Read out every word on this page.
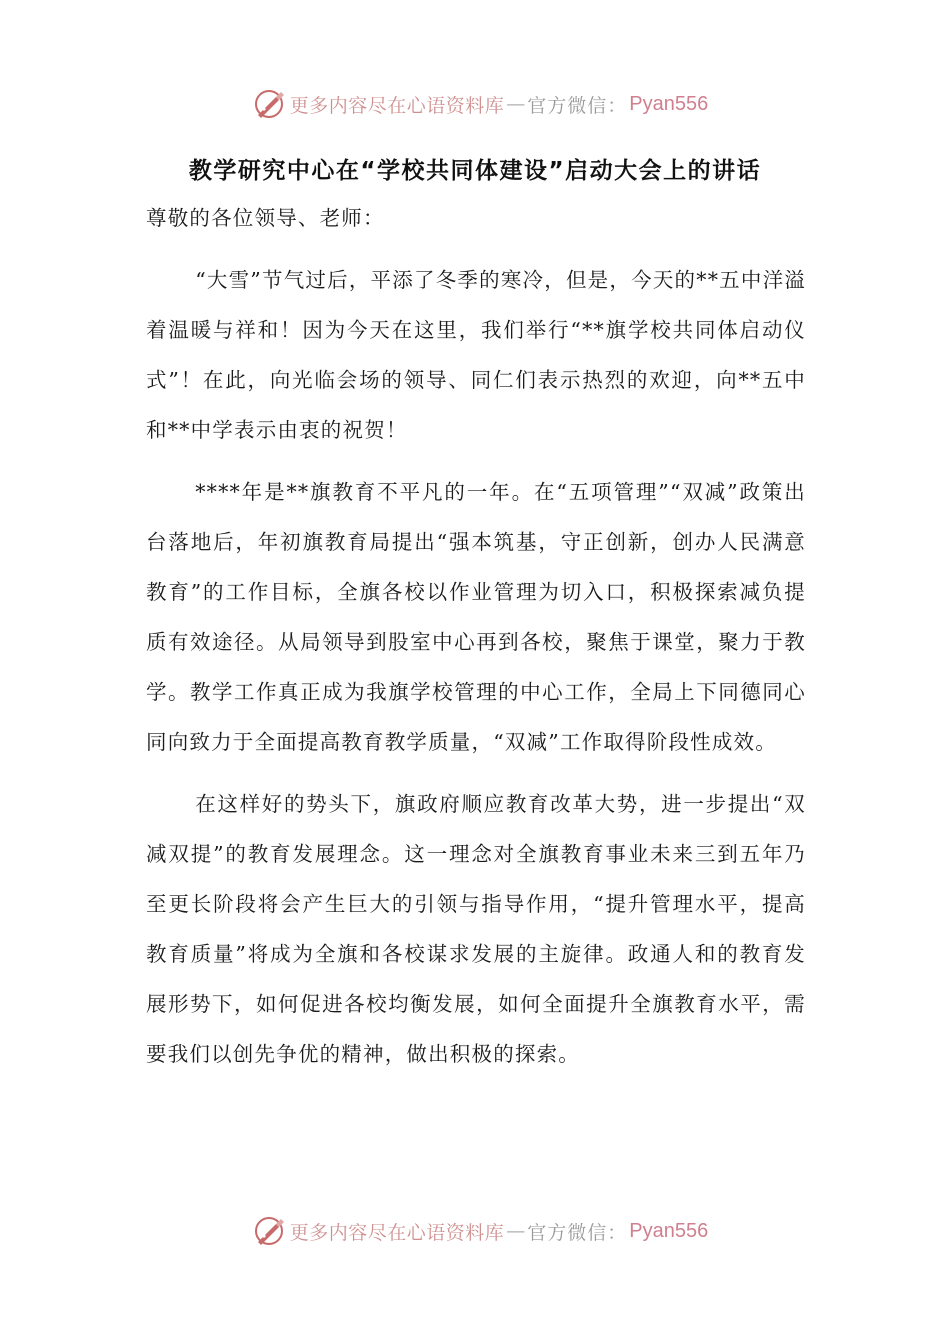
更多内容尽在心语资料库 — 官方微信： Pyan556
教学研究中心在“学校共同体建设”启动大会上的讲话

尊敬的各位领导、老师：

“大雪”节气过后，平添了冬季的寒冷，但是，今天的**五中洋溢着温暖与祥和！因为今天在这里，我们举行“**旗学校共同体启动仪式”！在此，向光临会场的领导、同仁们表示热烈的欢迎，向**五中和**中学表示由衷的祝贺！

****年是**旗教育不平凡的一年。在“五项管理”“双减”政策出台落地后，年初旗教育局提出“强本筑基，守正创新，创办人民满意教育”的工作目标，全旗各校以作业管理为切入口，积极探索减负提质有效途径。从局领导到股室中心再到各校，聚焦于课堂，聚力于教学。教学工作真正成为我旗学校管理的中心工作，全局上下同德同心同向致力于全面提高教育教学质量，“双减”工作取得阶段性成效。

在这样好的势头下，旗政府顺应教育改革大势，进一步提出“双减双提”的教育发展理念。这一理念对全旗教育事业未来三到五年乃至更长阶段将会产生巨大的引领与指导作用，“提升管理水平，提高教育质量”将成为全旗和各校谋求发展的主旋律。政通人和的教育发展形势下，如何促进各校均衡发展，如何全面提升全旗教育水平，需要我们以创先争优的精神，做出积极的探索。

更多内容尽在心语资料库 — 官方微信： Pyan556
